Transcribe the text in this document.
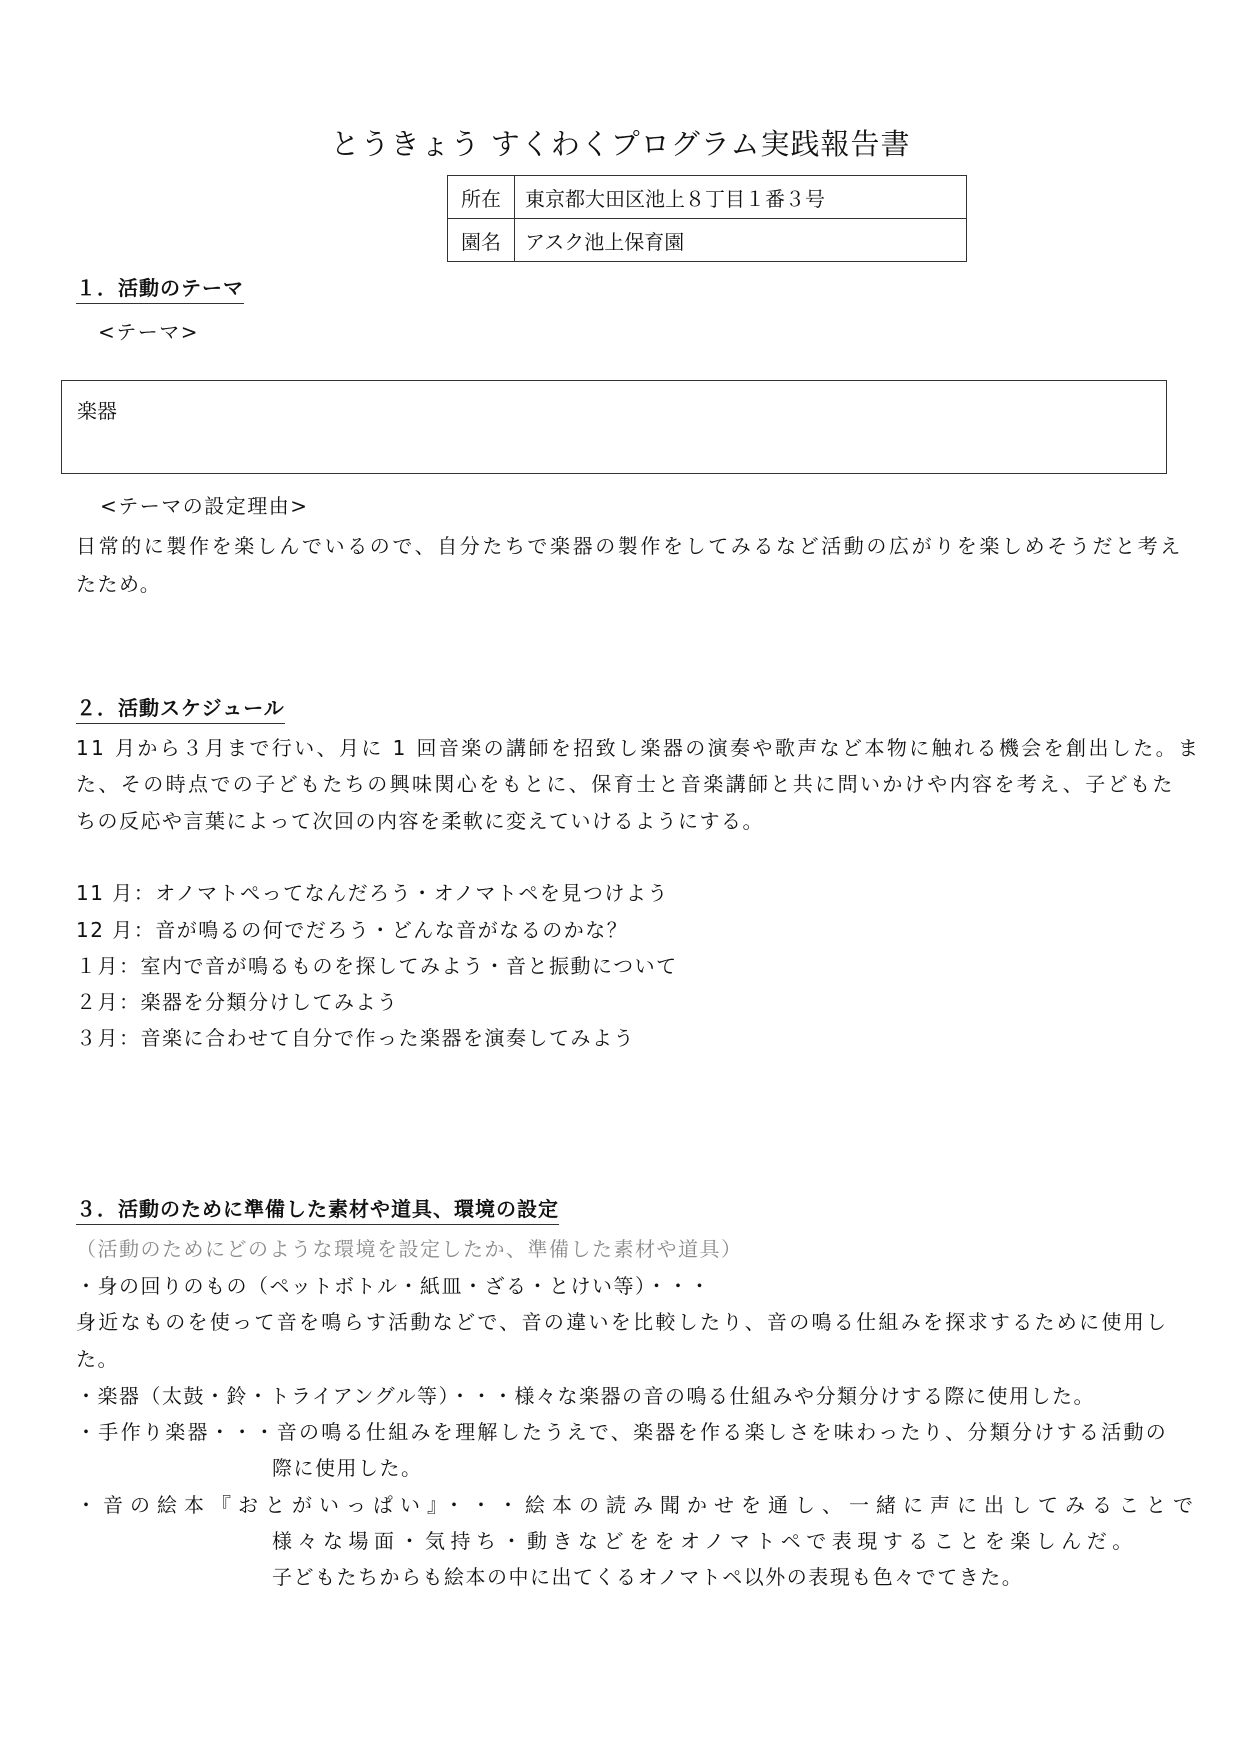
とうきょう すくわくプログラム実践報告書
所在	東京都大田区池上８丁目１番３号
園名	アスク池上保育園
１．活動のテーマ
<テーマ>
楽器
<テーマの設定理由>
日常的に製作を楽しんでいるので、自分たちで楽器の製作をしてみるなど活動の広がりを楽しめそうだと考え
たため。
２．活動スケジュール
11 月から３月まで行い、月に 1 回音楽の講師を招致し楽器の演奏や歌声など本物に触れる機会を創出した。ま
た、その時点での子どもたちの興味関心をもとに、保育士と音楽講師と共に問いかけや内容を考え、子どもた
ちの反応や言葉によって次回の内容を柔軟に変えていけるようにする。
11 月：オノマトぺってなんだろう・オノマトペを見つけよう
12 月：音が鳴るの何でだろう・どんな音がなるのかな？
１月：室内で音が鳴るものを探してみよう・音と振動について
２月：楽器を分類分けしてみよう
３月：音楽に合わせて自分で作った楽器を演奏してみよう
３．活動のために準備した素材や道具、環境の設定
（活動のためにどのような環境を設定したか、準備した素材や道具）
・身の回りのもの（ペットボトル・紙皿・ざる・とけい等）・・・
身近なものを使って音を鳴らす活動などで、音の違いを比較したり、音の鳴る仕組みを探求するために使用し
た。
・楽器（太鼓・鈴・トライアングル等）・・・様々な楽器の音の鳴る仕組みや分類分けする際に使用した。
・手作り楽器・・・音の鳴る仕組みを理解したうえで、楽器を作る楽しさを味わったり、分類分けする活動の
際に使用した。
・音の絵本『おとがいっぱい』・・・絵本の読み聞かせを通し、一緒に声に出してみることで
様々な場面・気持ち・動きなどををオノマトペで表現することを楽しんだ。
子どもたちからも絵本の中に出てくるオノマトペ以外の表現も色々でてきた。
